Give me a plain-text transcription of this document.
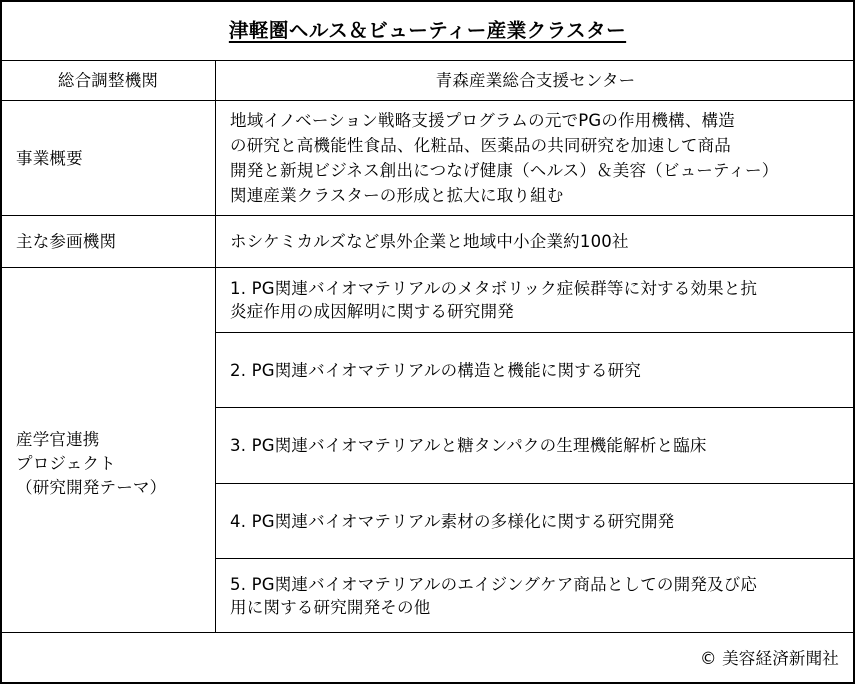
津軽圏ヘルス＆ビューティー産業クラスター
総合調整機関	青森産業総合支援センター
事業概要
地域イノベーション戦略支援プログラムの元でPGの作用機構、構造
の研究と高機能性食品、化粧品、医薬品の共同研究を加速して商品
開発と新規ビジネス創出につなげ健康（ヘルス）＆美容（ビューティー）
関連産業クラスターの形成と拡大に取り組む
主な参画機関	ホシケミカルズなど県外企業と地域中小企業約100社
産学官連携
プロジェクト
（研究開発テーマ）
1. PG関連バイオマテリアルのメタボリック症候群等に対する効果と抗
炎症作用の成因解明に関する研究開発
2. PG関連バイオマテリアルの構造と機能に関する研究
3. PG関連バイオマテリアルと糖タンパクの生理機能解析と臨床
4. PG関連バイオマテリアル素材の多様化に関する研究開発
5. PG関連バイオマテリアルのエイジングケア商品としての開発及び応
用に関する研究開発その他
© 美容経済新聞社
